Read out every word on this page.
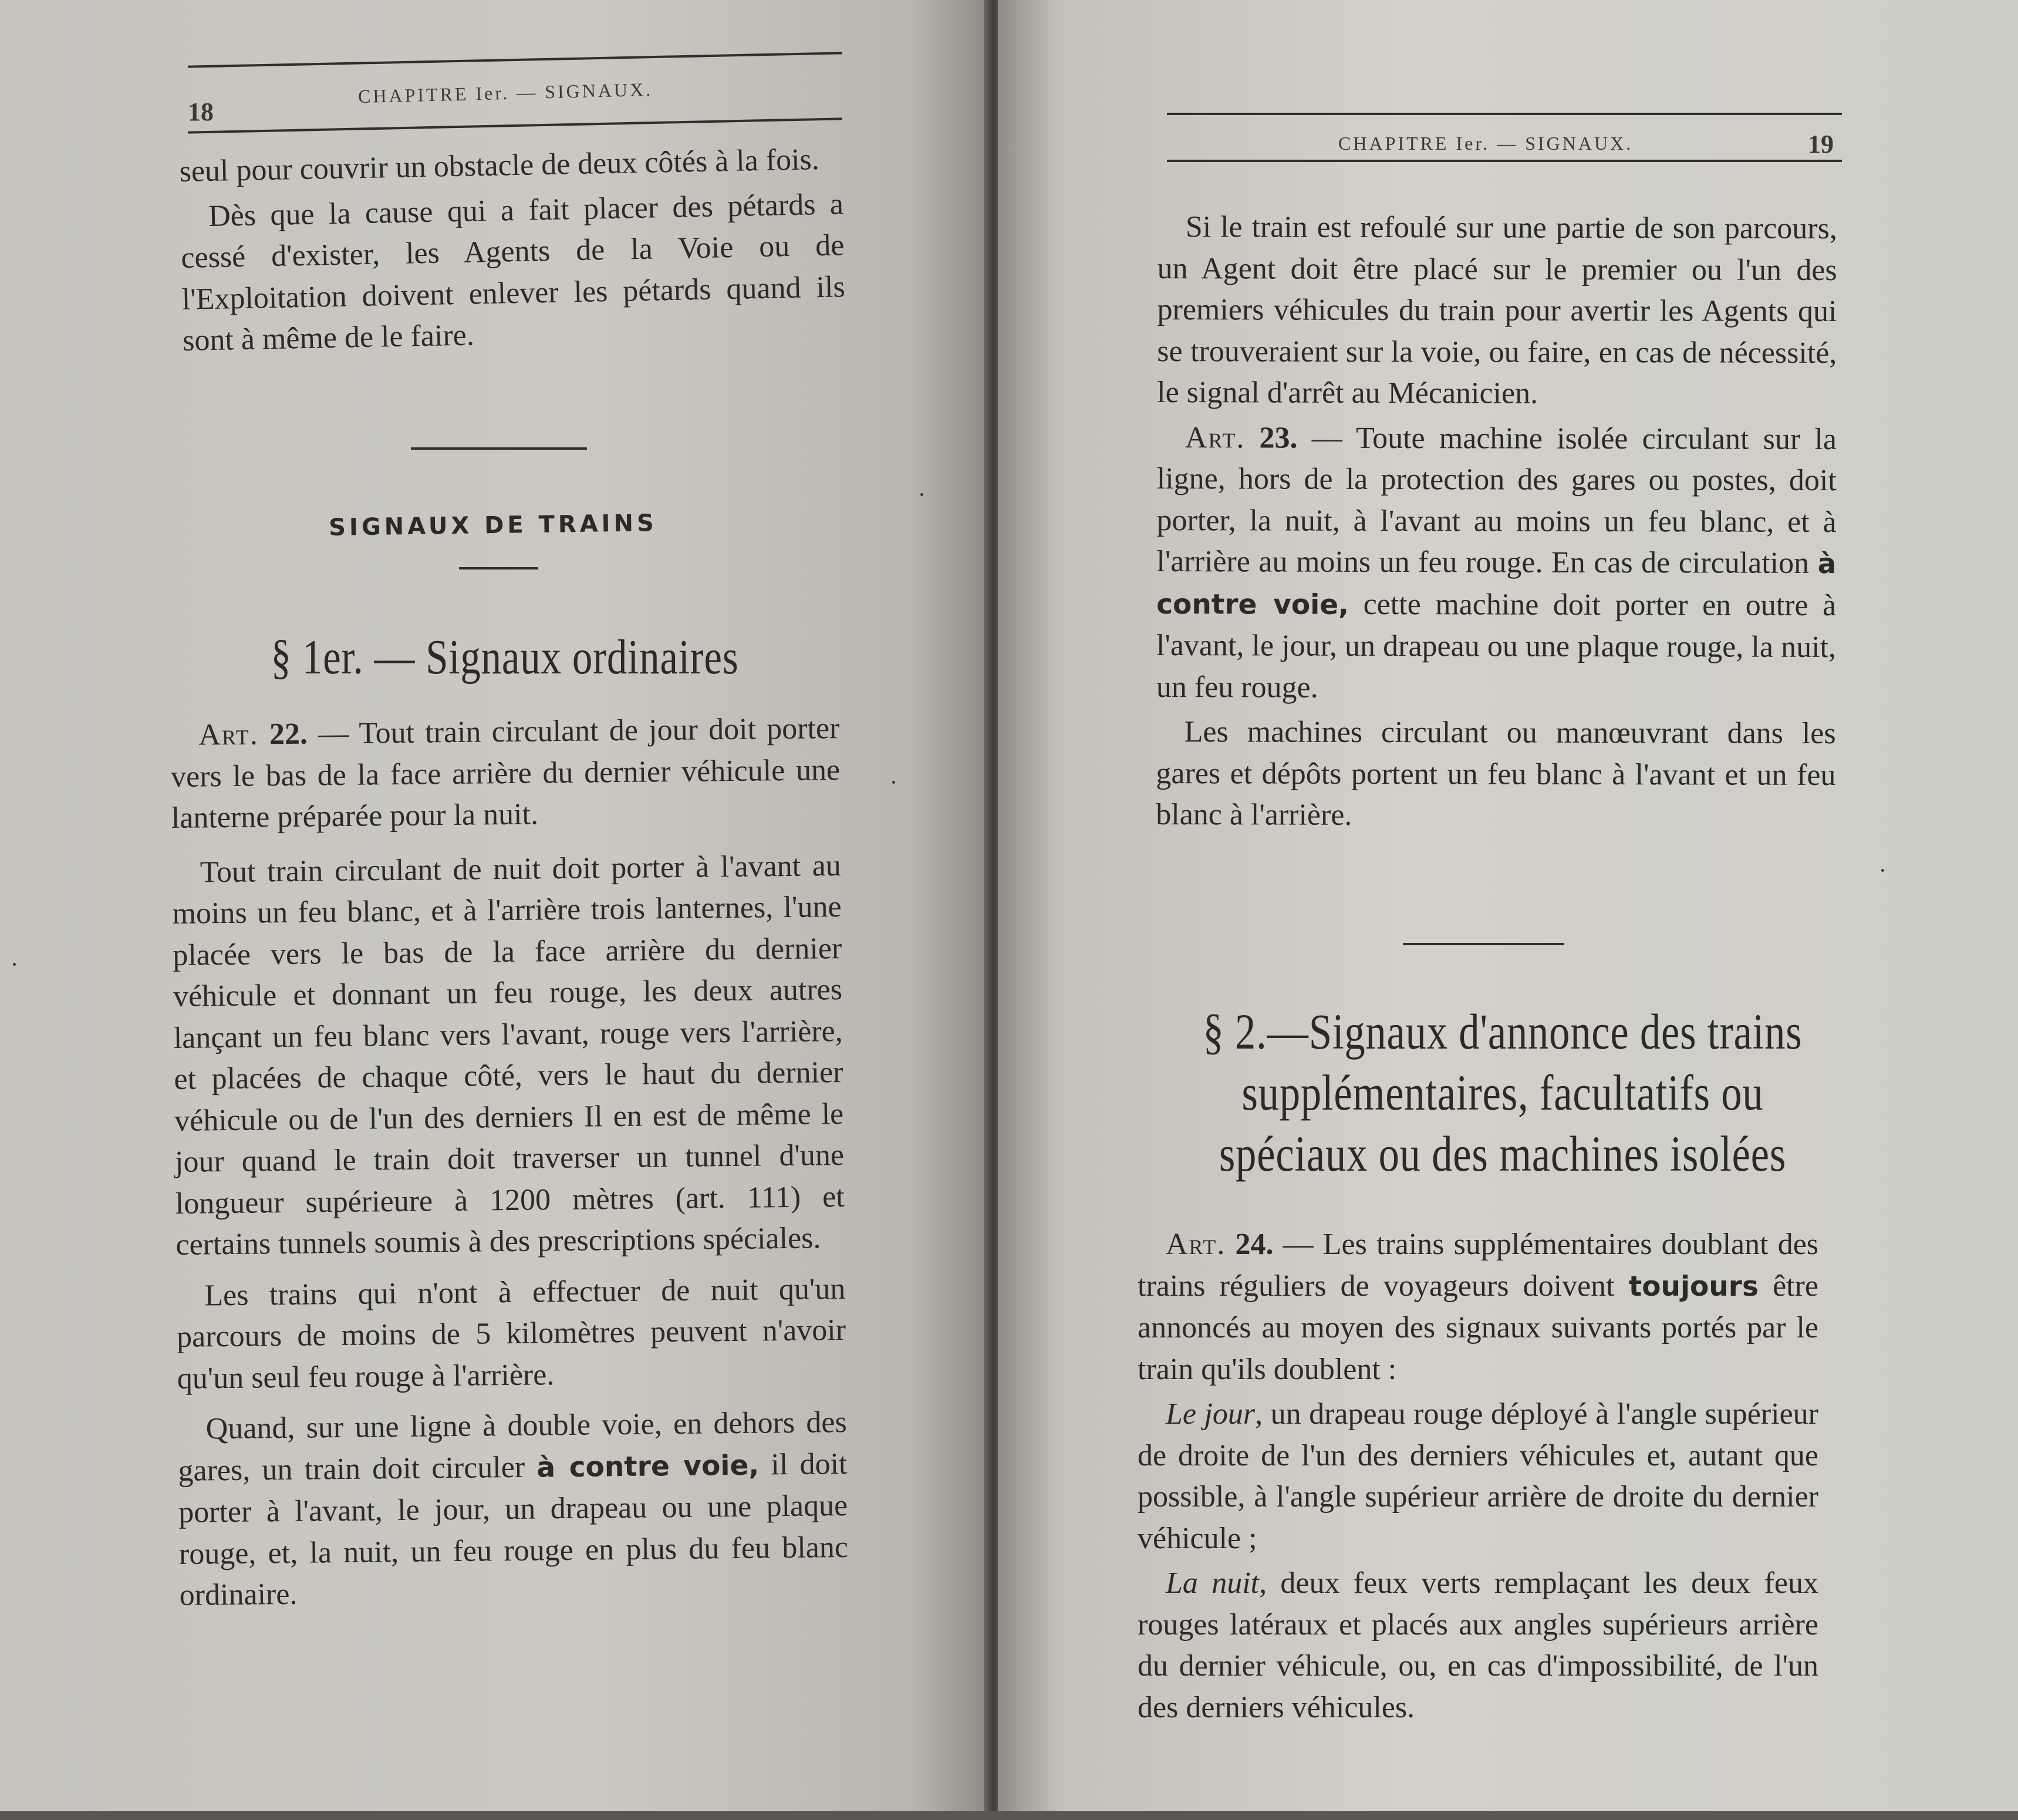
18
CHAPITRE Ier. — SIGNAUX.

seul pour couvrir un obstacle de deux côtés à la fois.

Dès que la cause qui a fait placer des pétards a cessé d'exister, les Agents de la Voie ou de l'Exploitation doivent enlever les pétards quand ils sont à même de le faire.

SIGNAUX DE TRAINS
§ 1er. — Signaux ordinaires

Art. 22. — Tout train circulant de jour doit porter vers le bas de la face arrière du dernier véhicule une lanterne préparée pour la nuit.

Tout train circulant de nuit doit porter à l'avant au moins un feu blanc, et à l'arrière trois lanternes, l'une placée vers le bas de la face arrière du dernier véhicule et donnant un feu rouge, les deux autres lançant un feu blanc vers l'avant, rouge vers l'arrière, et placées de chaque côté, vers le haut du dernier véhicule ou de l'un des derniers Il en est de même le jour quand le train doit traverser un tunnel d'une longueur supérieure à 1200 mètres (art. 111) et certains tunnels soumis à des prescriptions spéciales.

Les trains qui n'ont à effectuer de nuit qu'un parcours de moins de 5 kilomètres peuvent n'avoir qu'un seul feu rouge à l'arrière.

Quand, sur une ligne à double voie, en dehors des gares, un train doit circuler à contre voie, il doit porter à l'avant, le jour, un drapeau ou une plaque rouge, et, la nuit, un feu rouge en plus du feu blanc ordinaire.

CHAPITRE Ier. — SIGNAUX.	19

Si le train est refoulé sur une partie de son parcours, un Agent doit être placé sur le premier ou l'un des premiers véhicules du train pour avertir les Agents qui se trouveraient sur la voie, ou faire, en cas de nécessité, le signal d'arrêt au Mécanicien.

Art. 23. — Toute machine isolée circulant sur la ligne, hors de la protection des gares ou postes, doit porter, la nuit, à l'avant au moins un feu blanc, et à l'arrière au moins un feu rouge. En cas de circulation à contre voie, cette machine doit porter en outre à l'avant, le jour, un drapeau ou une plaque rouge, la nuit, un feu rouge.

Les machines circulant ou manœuvrant dans les gares et dépôts portent un feu blanc à l'avant et un feu blanc à l'arrière.

§ 2.—Signaux d'annonce des trains supplémentaires, facultatifs ou spéciaux ou des machines isolées

Art. 24. — Les trains supplémentaires doublant des trains réguliers de voyageurs doivent toujours être annoncés au moyen des signaux suivants portés par le train qu'ils doublent :

Le jour, un drapeau rouge déployé à l'angle supérieur de droite de l'un des derniers véhicules et, autant que possible, à l'angle supérieur arrière de droite du dernier véhicule ;

La nuit, deux feux verts remplaçant les deux feux rouges latéraux et placés aux angles supérieurs arrière du dernier véhicule, ou, en cas d'impossibilité, de l'un des derniers véhicules.
